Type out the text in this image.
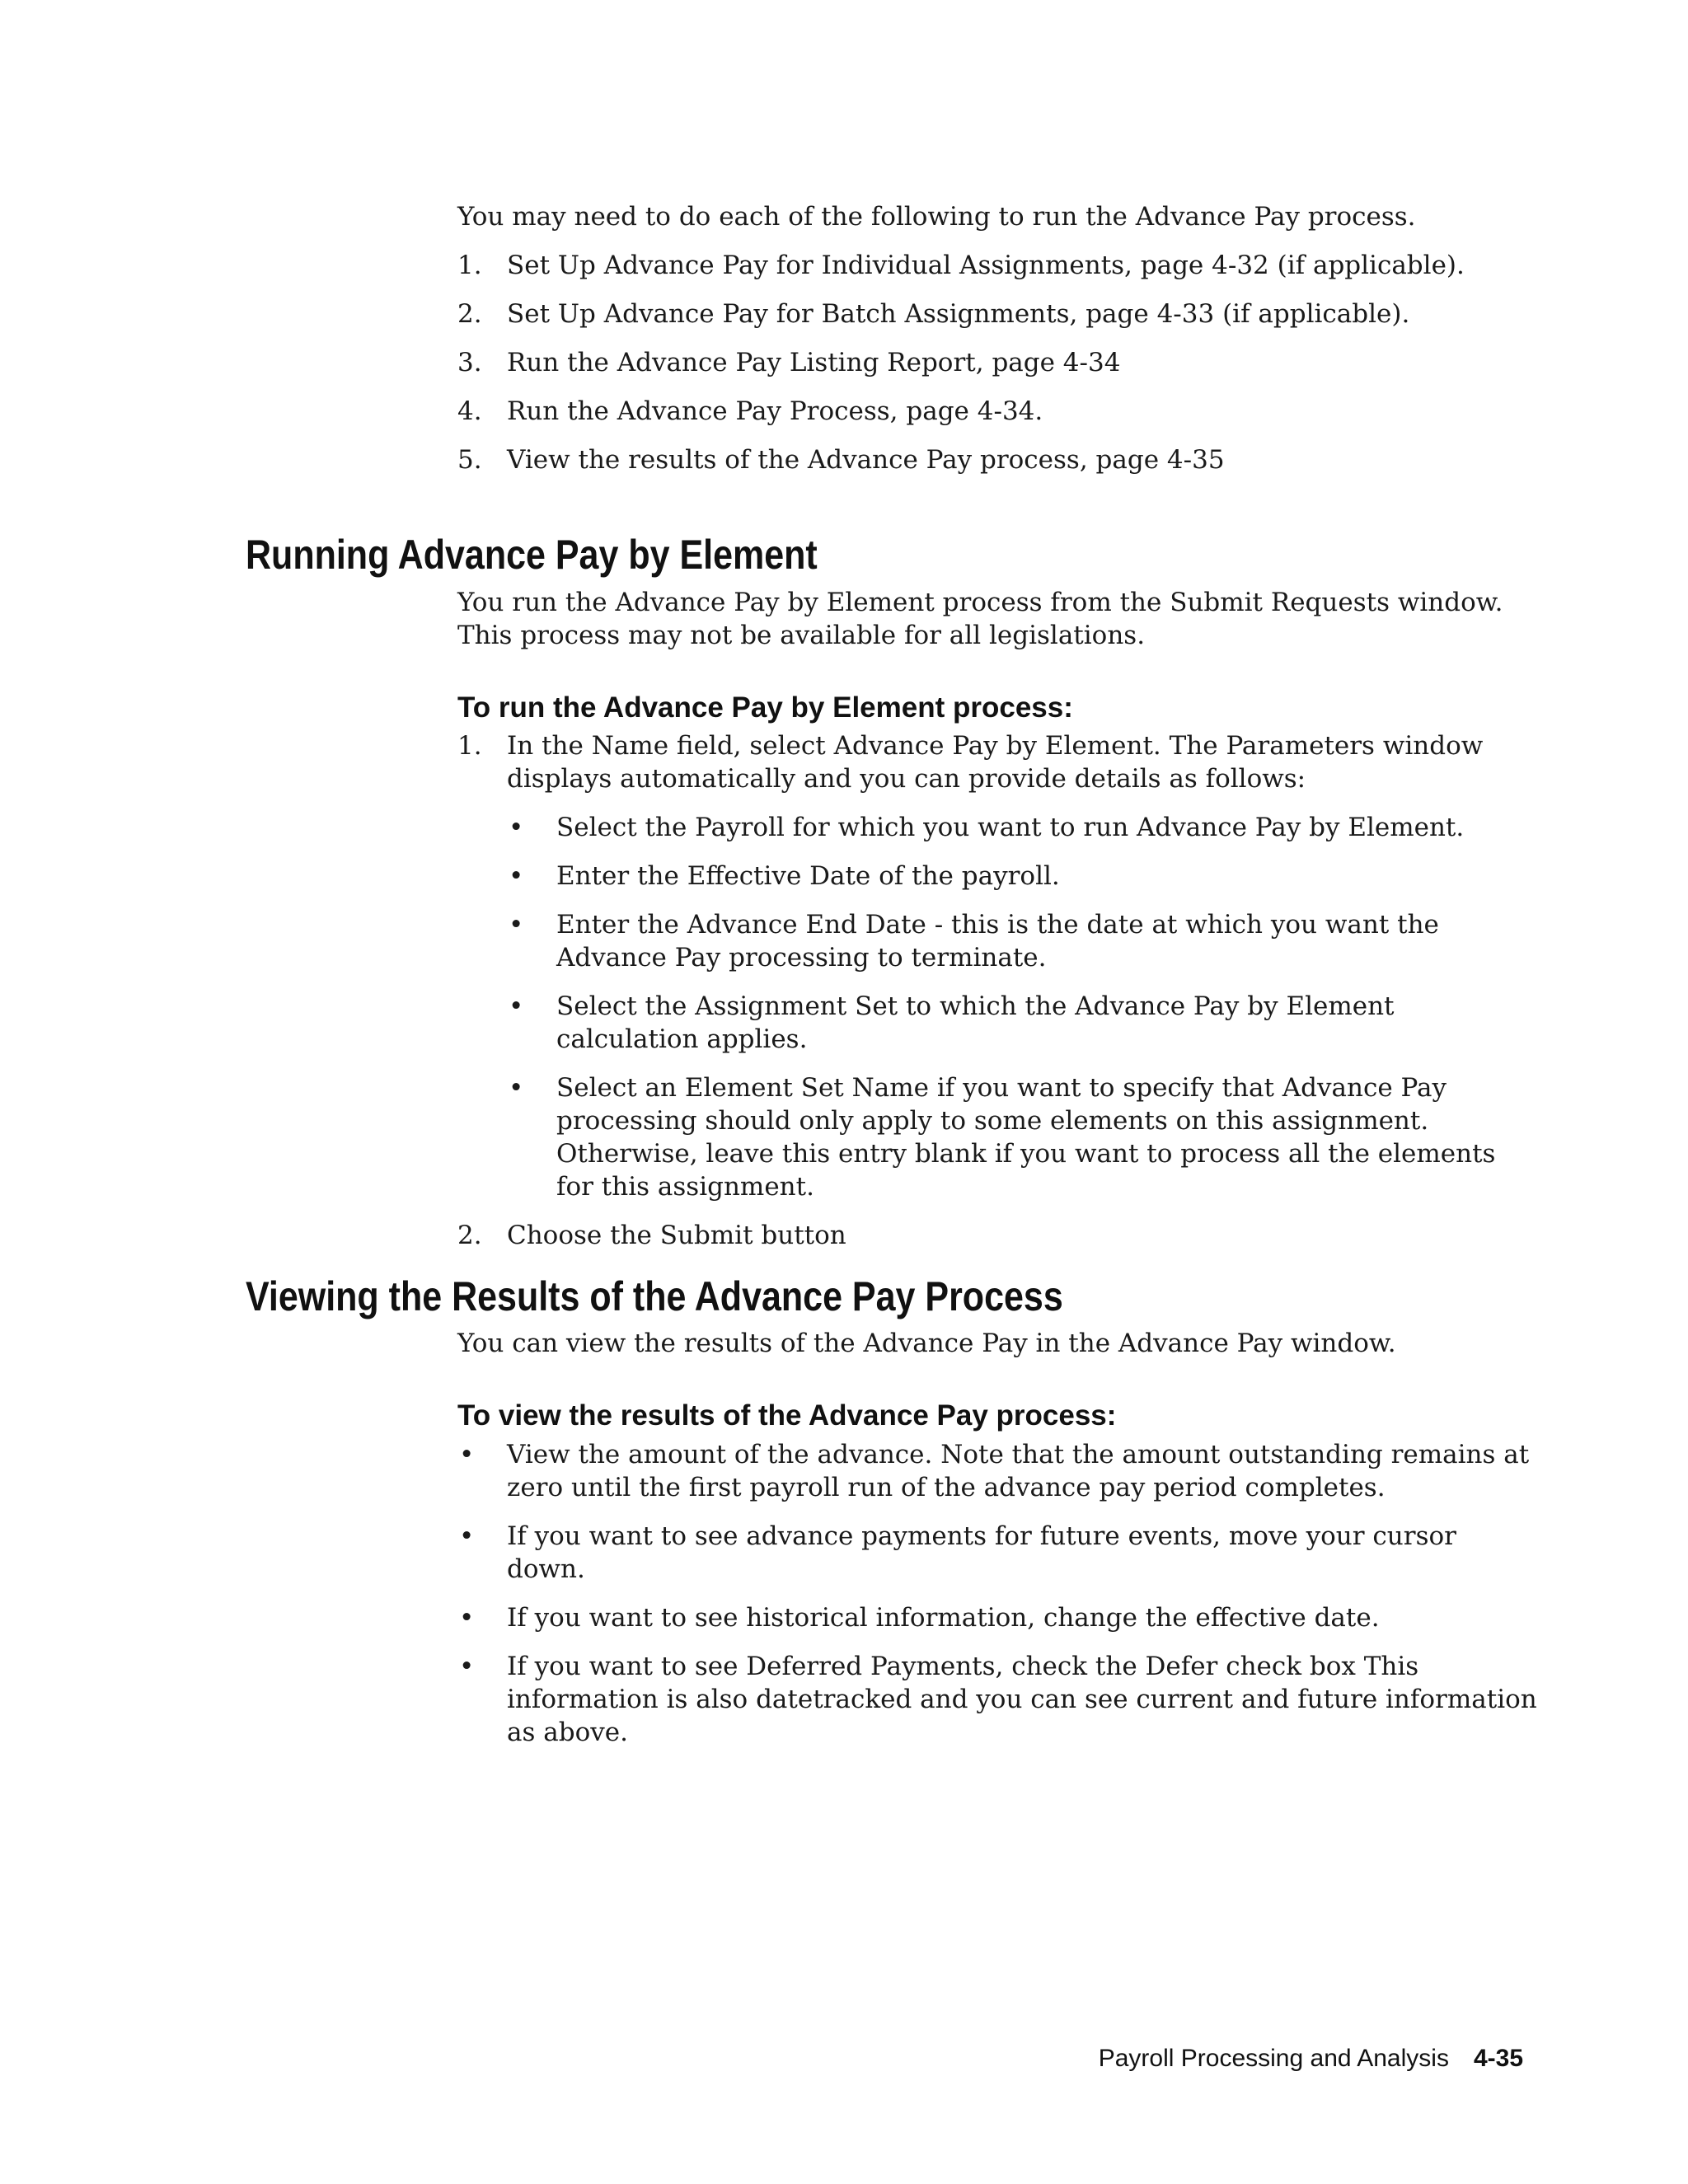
You may need to do each of the following to run the Advance Pay process.
1. Set Up Advance Pay for Individual Assignments, page 4-32 (if applicable).
2. Set Up Advance Pay for Batch Assignments, page 4-33 (if applicable).
3. Run the Advance Pay Listing Report, page 4-34
4. Run the Advance Pay Process, page 4-34.
5. View the results of the Advance Pay process, page 4-35
Running Advance Pay by Element
You run the Advance Pay by Element process from the Submit Requests window. This process may not be available for all legislations.
To run the Advance Pay by Element process:
1. In the Name field, select Advance Pay by Element. The Parameters window displays automatically and you can provide details as follows:
• Select the Payroll for which you want to run Advance Pay by Element.
• Enter the Effective Date of the payroll.
• Enter the Advance End Date - this is the date at which you want the Advance Pay processing to terminate.
• Select the Assignment Set to which the Advance Pay by Element calculation applies.
• Select an Element Set Name if you want to specify that Advance Pay processing should only apply to some elements on this assignment. Otherwise, leave this entry blank if you want to process all the elements for this assignment.
2. Choose the Submit button
Viewing the Results of the Advance Pay Process
You can view the results of the Advance Pay in the Advance Pay window.
To view the results of the Advance Pay process:
• View the amount of the advance. Note that the amount outstanding remains at zero until the first payroll run of the advance pay period completes.
• If you want to see advance payments for future events, move your cursor down.
• If you want to see historical information, change the effective date.
• If you want to see Deferred Payments, check the Defer check box This information is also datetracked and you can see current and future information as above.
Payroll Processing and Analysis 4-35
